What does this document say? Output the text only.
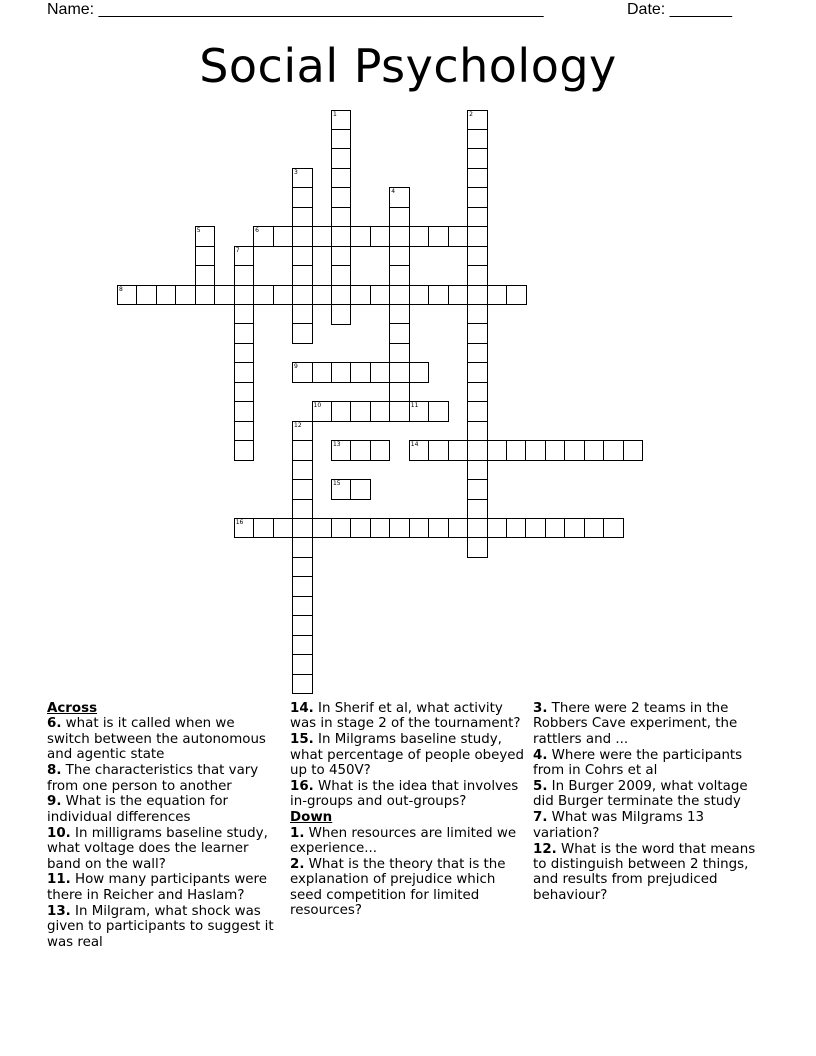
Name: __________________________________________________	Date: _______
Social Psychology
6
8
9
10	11
13	14
15
16
1	2
3
4
5
7
12
Across
6. what is it called when we switch between the autonomous and agentic state
8. The characteristics that vary from one person to another
9. What is the equation for individual differences
10. In milligrams baseline study, what voltage does the learner band on the wall?
11. How many participants were there in Reicher and Haslam?
13. In Milgram, what shock was given to participants to suggest it was real
14. In Sherif et al, what activity was in stage 2 of the tournament?
15. In Milgrams baseline study, what percentage of people obeyed up to 450V?
16. What is the idea that involves in-groups and out-groups?
Down
1. When resources are limited we experience...
2. What is the theory that is the explanation of prejudice which seed competition for limited resources?
3. There were 2 teams in the Robbers Cave experiment, the rattlers and ...
4. Where were the participants from in Cohrs et al
5. In Burger 2009, what voltage did Burger terminate the study
7. What was Milgrams 13 variation?
12. What is the word that means to distinguish between 2 things, and results from prejudiced behaviour?
